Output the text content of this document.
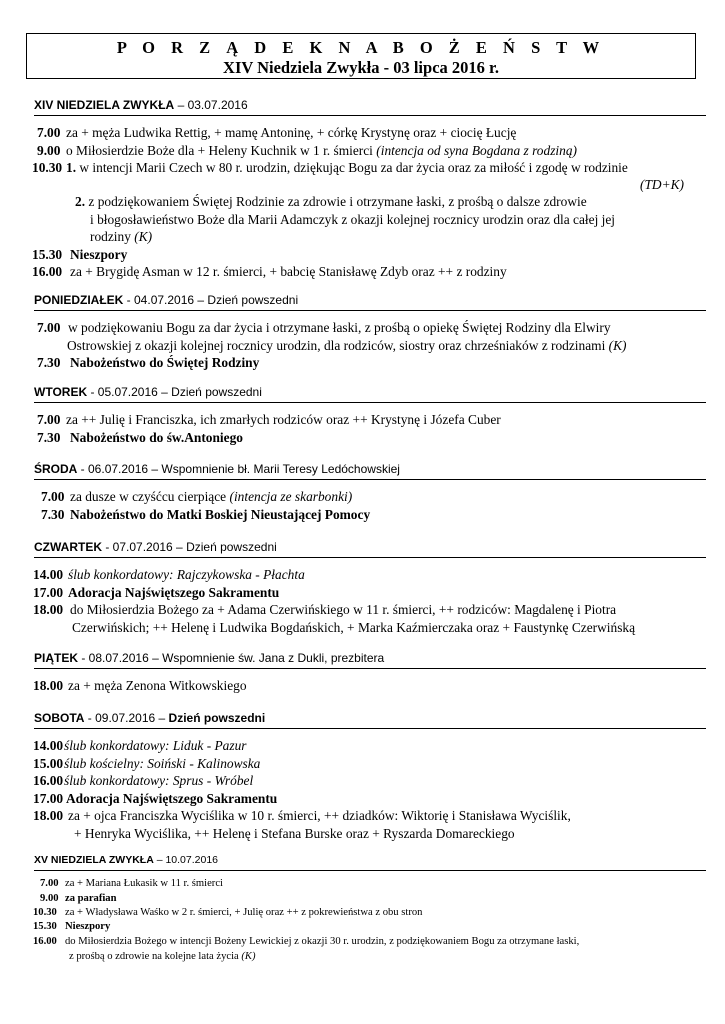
P O R Z Ą D E K N A B O Ż E Ń S T W
XIV Niedziela Zwykła - 03 lipca 2016 r.
XIV NIEDZIELA ZWYKŁA – 03.07.2016
7.00 za + męża Ludwika Rettig, + mamę Antoninę, + córkę Krystynę oraz + ciocię Łucję
9.00 o Miłosierdzie Boże dla + Heleny Kuchnik w 1 r. śmierci (intencja od syna Bogdana z rodziną)
10.30 1. w intencji Marii Czech w 80 r. urodzin, dziękując Bogu za dar życia oraz za miłość i zgodę w rodzinie
(TD+K)
2. z podziękowaniem Świętej Rodzinie za zdrowie i otrzymane łaski, z prośbą o dalsze zdrowie
i błogosławieństwo Boże dla Marii Adamczyk z okazji kolejnej rocznicy urodzin oraz dla całej jej
rodziny (K)
15.30 Nieszpory
16.00 za + Brygidę Asman w 12 r. śmierci, + babcię Stanisławę Zdyb oraz ++ z rodziny
PONIEDZIAŁEK - 04.07.2016 – Dzień powszedni
7.00 w podziękowaniu Bogu za dar życia i otrzymane łaski, z prośbą o opiekę Świętej Rodziny dla Elwiry
Ostrowskiej z okazji kolejnej rocznicy urodzin, dla rodziców, siostry oraz chrześniaków z rodzinami (K)
7.30 Nabożeństwo do Świętej Rodziny
WTOREK - 05.07.2016 – Dzień powszedni
7.00 za ++ Julię i Franciszka, ich zmarłych rodziców oraz ++ Krystynę i Józefa Cuber
7.30 Nabożeństwo do św.Antoniego
ŚRODA - 06.07.2016 – Wspomnienie bł. Marii Teresy Ledóchowskiej
7.00 za dusze w czyśćcu cierpiące (intencja ze skarbonki)
7.30 Nabożeństwo do Matki Boskiej Nieustającej Pomocy
CZWARTEK - 07.07.2016 – Dzień powszedni
14.00 ślub konkordatowy: Rajczykowska - Płachta
17.00 Adoracja Najświętszego Sakramentu
18.00 do Miłosierdzia Bożego za + Adama Czerwińskiego w 11 r. śmierci, ++ rodziców: Magdalenę i Piotra
Czerwińskich; ++ Helenę i Ludwika Bogdańskich, + Marka Kaźmierczaka oraz + Faustynkę Czerwińską
PIĄTEK - 08.07.2016 – Wspomnienie św. Jana z Dukli, prezbitera
18.00 za + męża Zenona Witkowskiego
SOBOTA - 09.07.2016 – Dzień powszedni
14.00ślub konkordatowy: Liduk - Pazur
15.00ślub kościelny: Soiński - Kalinowska
16.00ślub konkordatowy: Sprus - Wróbel
17.00 Adoracja Najświętszego Sakramentu
18.00 za + ojca Franciszka Wyciślika w 10 r. śmierci, ++ dziadków: Wiktorię i Stanisława Wyciślik,
+ Henryka Wyciślika, ++ Helenę i Stefana Burske oraz + Ryszarda Domareckiego
XV NIEDZIELA ZWYKŁA – 10.07.2016
7.00 za + Mariana Łukasik w 11 r. śmierci
9.00 za parafian
10.30 za + Władysława Waśko w 2 r. śmierci, + Julię oraz ++ z pokrewieństwa z obu stron
15.30 Nieszpory
16.00 do Miłosierdzia Bożego w intencji Bożeny Lewickiej z okazji 30 r. urodzin, z podziękowaniem Bogu za otrzymane łaski,
z prośbą o zdrowie na kolejne lata życia (K)
